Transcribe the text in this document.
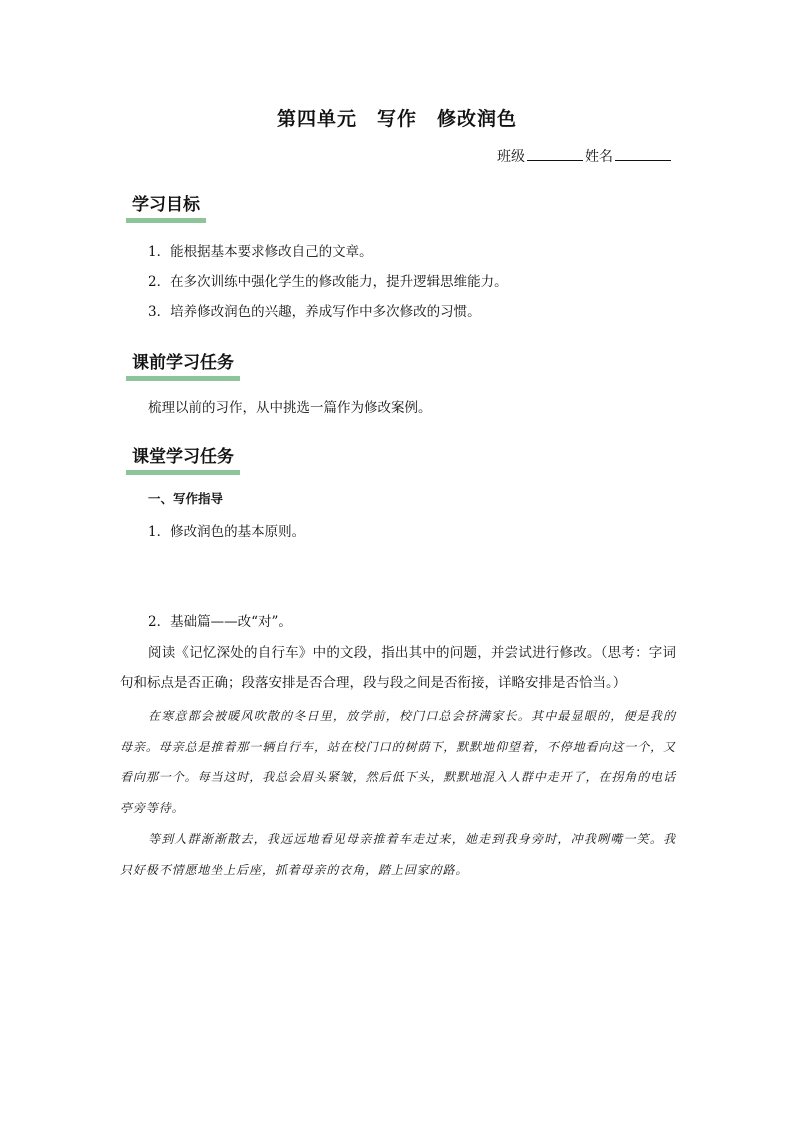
第四单元　写作　修改润色
班级	姓名
学习目标
1．能根据基本要求修改自己的文章。
2．在多次训练中强化学生的修改能力，提升逻辑思维能力。
3．培养修改润色的兴趣，养成写作中多次修改的习惯。
课前学习任务
梳理以前的习作，从中挑选一篇作为修改案例。
课堂学习任务
一、写作指导
1．修改润色的基本原则。
2．基础篇——改“对”。
阅读《记忆深处的自行车》中的文段，指出其中的问题，并尝试进行修改。（思考：字词句和标点是否正确；段落安排是否合理，段与段之间是否衔接，详略安排是否恰当。）
在寒意都会被暖风吹散的冬日里，放学前，校门口总会挤满家长。其中最显眼的，便是我的母亲。母亲总是推着那一辆自行车，站在校门口的树荫下，默默地仰望着，不停地看向这一个，又看向那一个。每当这时，我总会眉头紧皱，然后低下头，默默地混入人群中走开了，在拐角的电话亭旁等待。
等到人群渐渐散去，我远远地看见母亲推着车走过来，她走到我身旁时，冲我咧嘴一笑。我只好极不情愿地坐上后座，抓着母亲的衣角，踏上回家的路。
